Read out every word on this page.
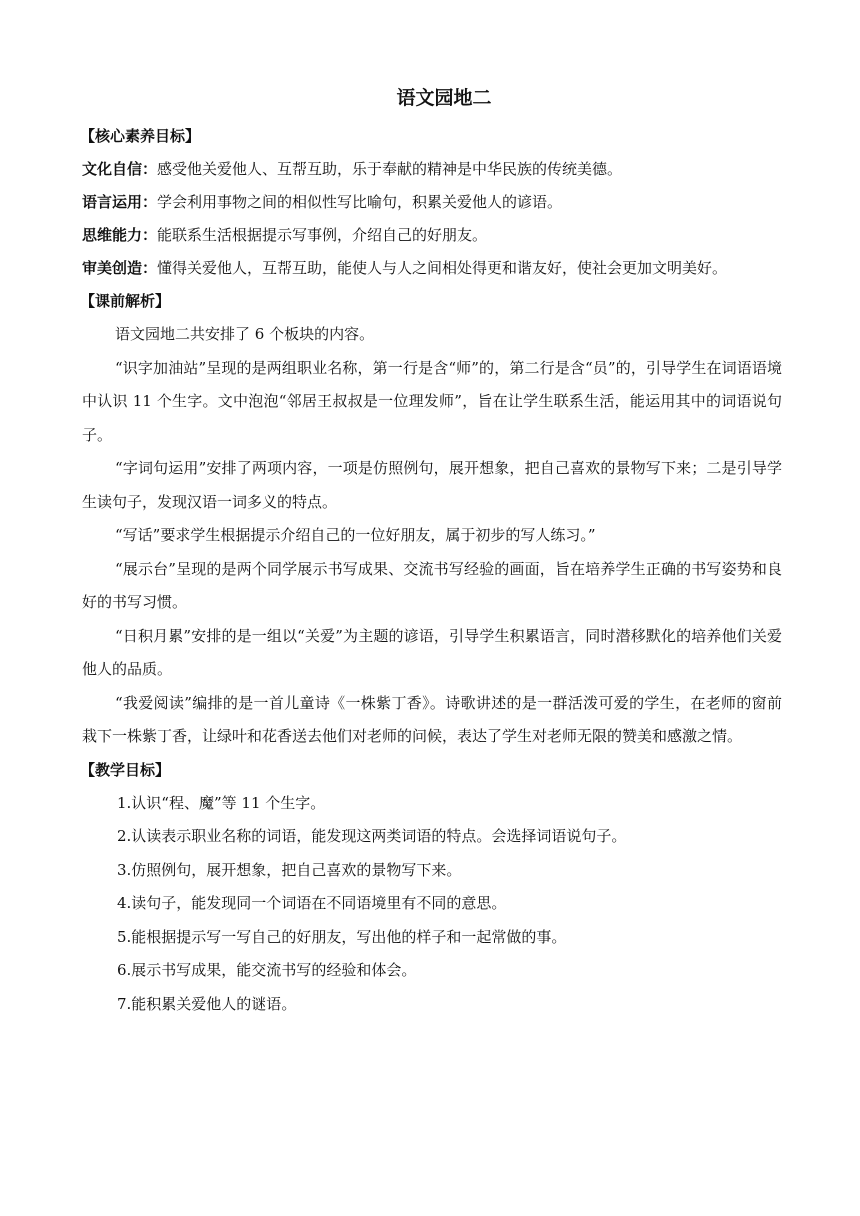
语文园地二
【核心素养目标】
文化自信：感受他关爱他人、互帮互助，乐于奉献的精神是中华民族的传统美德。
语言运用：学会利用事物之间的相似性写比喻句，积累关爱他人的谚语。
思维能力：能联系生活根据提示写事例，介绍自己的好朋友。
审美创造：懂得关爱他人，互帮互助，能使人与人之间相处得更和谐友好，使社会更加文明美好。
【课前解析】
语文园地二共安排了 6 个板块的内容。
“识字加油站”呈现的是两组职业名称，第一行是含“师”的，第二行是含“员”的，引导学生在词语语境中认识 11 个生字。文中泡泡“邻居王叔叔是一位理发师”，旨在让学生联系生活，能运用其中的词语说句子。
“字词句运用”安排了两项内容，一项是仿照例句，展开想象，把自己喜欢的景物写下来；二是引导学生读句子，发现汉语一词多义的特点。
“写话”要求学生根据提示介绍自己的一位好朋友，属于初步的写人练习。”
“展示台”呈现的是两个同学展示书写成果、交流书写经验的画面，旨在培养学生正确的书写姿势和良好的书写习惯。
“日积月累”安排的是一组以“关爱”为主题的谚语，引导学生积累语言，同时潜移默化的培养他们关爱他人的品质。
“我爱阅读”编排的是一首儿童诗《一株紫丁香》。诗歌讲述的是一群活泼可爱的学生，在老师的窗前栽下一株紫丁香，让绿叶和花香送去他们对老师的问候，表达了学生对老师无限的赞美和感激之情。
【教学目标】
1.认识“程、魔”等 11 个生字。
2.认读表示职业名称的词语，能发现这两类词语的特点。会选择词语说句子。
3.仿照例句，展开想象，把自己喜欢的景物写下来。
4.读句子，能发现同一个词语在不同语境里有不同的意思。
5.能根据提示写一写自己的好朋友，写出他的样子和一起常做的事。
6.展示书写成果，能交流书写的经验和体会。
7.能积累关爱他人的谜语。
